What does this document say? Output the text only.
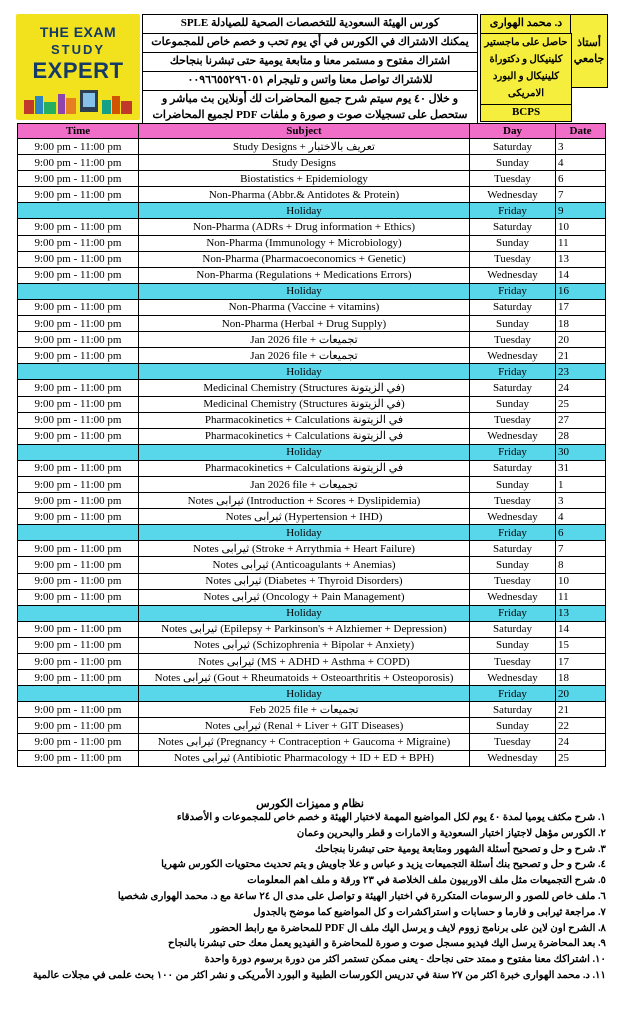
THE EXAM
STUDY
EXPERT
كورس الهيئة السعودية للتخصصات الصحية للصيادلة SPLE
يمكنك الاشتراك في الكورس في أي يوم تحب و خصم خاص للمجموعات
اشتراك مفتوح و مستمر معنا و متابعة يومية حتى تبشرنا بنجاحك
للاشتراك تواصل معنا واتس و تليجرام ٠٠٩٦٦٥٥٢٩٦٠٥١
و خلال ٤٠ يوم سيتم شرح جميع المحاضرات لك أونلاين بث مباشر و ستحصل على تسجيلات صوت و صورة و ملفات PDF لجميع المحاضرات
د. محمد الهوارى
أستاذ جامعي
حاصل على ماجستير كلينيكال و دكتوراة كلينيكال و البورد الامريكى
BCPS
Time	Subject	Day	Date
9:00 pm - 11:00 pm	Study Designs + تعريف بالاختبار	Saturday	3
9:00 pm - 11:00 pm	Study Designs	Sunday	4
9:00 pm - 11:00 pm	Biostatistics + Epidemiology	Tuesday	6
9:00 pm - 11:00 pm	Non-Pharma (Abbr.& Antidotes & Protein)	Wednesday	7
	Holiday	Friday	9
9:00 pm - 11:00 pm	Non-Pharma (ADRs + Drug information + Ethics)	Saturday	10
9:00 pm - 11:00 pm	Non-Pharma (Immunology + Microbiology)	Sunday	11
9:00 pm - 11:00 pm	Non-Pharma (Pharmacoeconomics + Genetic)	Tuesday	13
9:00 pm - 11:00 pm	Non-Pharma (Regulations + Medications Errors)	Wednesday	14
	Holiday	Friday	16
9:00 pm - 11:00 pm	Non-Pharma (Vaccine + vitamins)	Saturday	17
9:00 pm - 11:00 pm	Non-Pharma (Herbal + Drug Supply)	Sunday	18
9:00 pm - 11:00 pm	Jan 2026 file + تجميعات	Tuesday	20
9:00 pm - 11:00 pm	Jan 2026 file + تجميعات	Wednesday	21
	Holiday	Friday	23
9:00 pm - 11:00 pm	Medicinal Chemistry (Structures في الزيتونة)	Saturday	24
9:00 pm - 11:00 pm	Medicinal Chemistry (Structures في الزيتونة)	Sunday	25
9:00 pm - 11:00 pm	Pharmacokinetics + Calculations في الزيتونة	Tuesday	27
9:00 pm - 11:00 pm	Pharmacokinetics + Calculations في الزيتونة	Wednesday	28
	Holiday	Friday	30
9:00 pm - 11:00 pm	Pharmacokinetics + Calculations في الزيتونة	Saturday	31
9:00 pm - 11:00 pm	Jan 2026 file + تجميعات	Sunday	1
9:00 pm - 11:00 pm	Notes ثيرابى (Introduction + Scores + Dyslipidemia)	Tuesday	3
9:00 pm - 11:00 pm	Notes ثيرابى (Hypertension + IHD)	Wednesday	4
	Holiday	Friday	6
9:00 pm - 11:00 pm	Notes ثيرابى (Stroke + Arrythmia + Heart Failure)	Saturday	7
9:00 pm - 11:00 pm	Notes ثيرابى (Anticoagulants + Anemias)	Sunday	8
9:00 pm - 11:00 pm	Notes ثيرابى (Diabetes + Thyroid Disorders)	Tuesday	10
9:00 pm - 11:00 pm	Notes ثيرابى (Oncology + Pain Management)	Wednesday	11
	Holiday	Friday	13
9:00 pm - 11:00 pm	Notes ثيرابى (Epilepsy + Parkinson's + Alzhiemer + Depression)	Saturday	14
9:00 pm - 11:00 pm	Notes ثيرابى (Schizophrenia + Bipolar + Anxiety)	Sunday	15
9:00 pm - 11:00 pm	Notes ثيرابى (MS + ADHD + Asthma + COPD)	Tuesday	17
9:00 pm - 11:00 pm	Notes ثيرابى (Gout + Rheumatoids + Osteoarthritis + Osteoporosis)	Wednesday	18
	Holiday	Friday	20
9:00 pm - 11:00 pm	Feb 2025 file + تجميعات	Saturday	21
9:00 pm - 11:00 pm	Notes ثيرابى (Renal + Liver + GIT Diseases)	Sunday	22
9:00 pm - 11:00 pm	Notes ثيرابى (Pregnancy + Contraception + Gaucoma + Migraine)	Tuesday	24
9:00 pm - 11:00 pm	Notes ثيرابى (Antibiotic Pharmacology + ID + ED + BPH)	Wednesday	25
نظام و مميزات الكورس
١. شرح مكثف يوميا لمدة ٤٠ يوم لكل المواضيع المهمة لاختبار الهيئة و خصم خاص للمجموعات و الأصدقاء
٢. الكورس مؤهل لاجتياز اختبار السعودية و الامارات و قطر والبحرين وعمان
٣. شرح و حل و تصحيح أسئلة الشهور ومتابعة يومية حتى تبشرنا بنجاحك
٤. شرح و حل و تصحيح بنك أسئلة التجميعات يزيد و عباس و علا جاويش و يتم تحديث محتويات الكورس شهريا
٥. شرح التجميعات مثل ملف الاوربيون ملف الخلاصة في ٢٣ ورقة و ملف اهم المعلومات
٦. ملف خاص للصور و الرسومات المتكررة في اختبار الهيئة و تواصل على مدى ال ٢٤ ساعة مع د. محمد الهوارى شخصيا
٧. مراجعة ثيرابى و فارما و حسابات و استراكشرات و كل المواضيع كما موضح بالجدول
٨. الشرح اون لاين على برنامج زووم لايف و يرسل اليك ملف ال PDF للمحاضرة مع رابط الحضور
٩. بعد المحاضرة يرسل اليك فيديو مسجل صوت و صورة للمحاضرة و الفيديو يعمل معك حتى تبشرنا بالنجاح
١٠. اشتراكك معنا مفتوح و ممتد حتى نجاحك - يعنى ممكن تستمر اكثر من دورة برسوم دورة واحدة
١١. د. محمد الهوارى خبرة اكثر من ٢٧ سنة في تدريس الكورسات الطبية و البورد الأمريكى و نشر اكثر من ١٠٠ بحث علمى في مجلات عالمية
